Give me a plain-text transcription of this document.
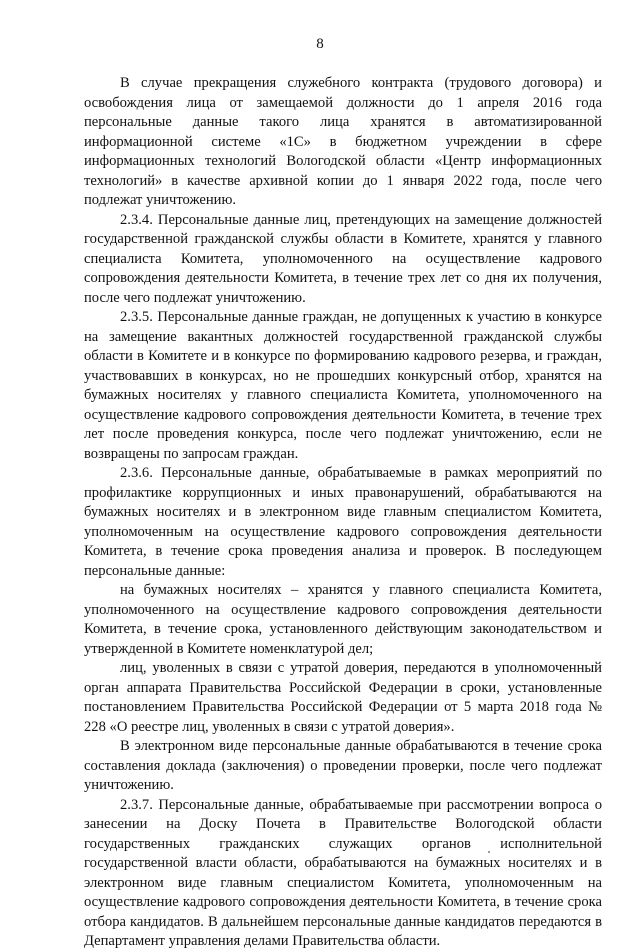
8

В случае прекращения служебного контракта (трудового договора) и освобождения лица от замещаемой должности до 1 апреля 2016 года персональные данные такого лица хранятся в автоматизированной информационной системе «1С» в бюджетном учреждении в сфере информационных технологий Вологодской области «Центр информационных технологий» в качестве архивной копии до 1 января 2022 года, после чего подлежат уничтожению.

2.3.4. Персональные данные лиц, претендующих на замещение должностей государственной гражданской службы области в Комитете, хранятся у главного специалиста Комитета, уполномоченного на осуществление кадрового сопровождения деятельности Комитета, в течение трех лет со дня их получения, после чего подлежат уничтожению.

2.3.5. Персональные данные граждан, не допущенных к участию в конкурсе на замещение вакантных должностей государственной гражданской службы области в Комитете и в конкурсе по формированию кадрового резерва, и граждан, участвовавших в конкурсах, но не прошедших конкурсный отбор, хранятся на бумажных носителях у главного специалиста Комитета, уполномоченного на осуществление кадрового сопровождения деятельности Комитета, в течение трех лет после проведения конкурса, после чего подлежат уничтожению, если не возвращены по запросам граждан.

2.3.6. Персональные данные, обрабатываемые в рамках мероприятий по профилактике коррупционных и иных правонарушений, обрабатываются на бумажных носителях и в электронном виде главным специалистом Комитета, уполномоченным на осуществление кадрового сопровождения деятельности Комитета, в течение срока проведения анализа и проверок. В последующем персональные данные:

на бумажных носителях – хранятся у главного специалиста Комитета, уполномоченного на осуществление кадрового сопровождения деятельности Комитета, в течение срока, установленного действующим законодательством и утвержденной в Комитете номенклатурой дел;

лиц, уволенных в связи с утратой доверия, передаются в уполномоченный орган аппарата Правительства Российской Федерации в сроки, установленные постановлением Правительства Российской Федерации от 5 марта 2018 года № 228 «О реестре лиц, уволенных в связи с утратой доверия».

В электронном виде персональные данные обрабатываются в течение срока составления доклада (заключения) о проведении проверки, после чего подлежат уничтожению.

2.3.7. Персональные данные, обрабатываемые при рассмотрении вопроса о занесении на Доску Почета в Правительстве Вологодской области государственных гражданских служащих органов исполнительной государственной власти области, обрабатываются на бумажных носителях и в электронном виде главным специалистом Комитета, уполномоченным на осуществление кадрового сопровождения деятельности Комитета, в течение срока отбора кандидатов. В дальнейшем персональные данные кандидатов передаются в Департамент управления делами Правительства области.
